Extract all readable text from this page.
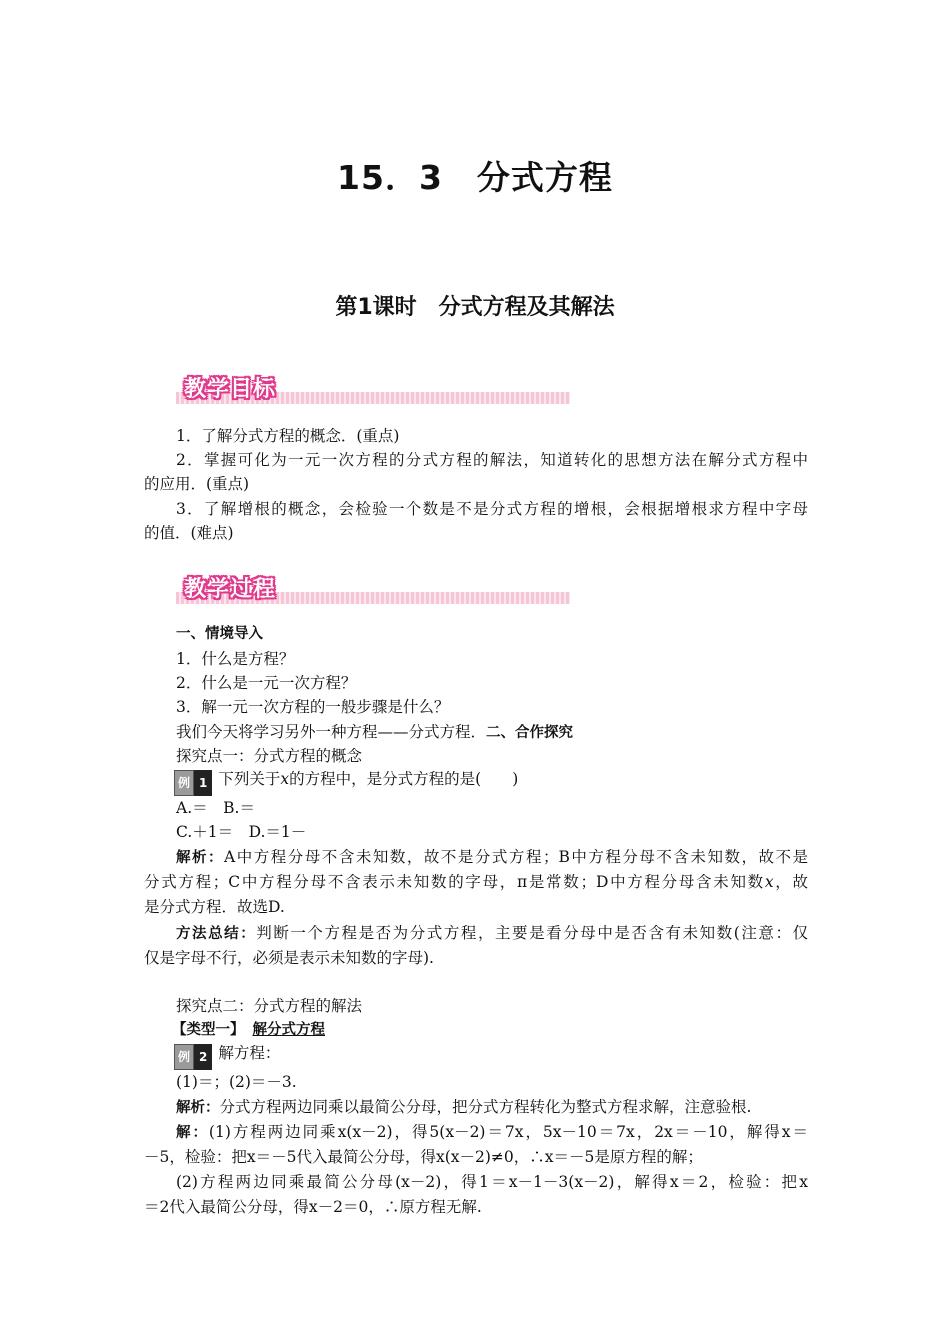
15．3　分式方程
第1课时　分式方程及其解法
教学目标
1．了解分式方程的概念．(重点)
2．掌握可化为一元一次方程的分式方程的解法，知道转化的思想方法在解分式方程中
的应用．(重点)
3．了解增根的概念，会检验一个数是不是分式方程的增根，会根据增根求方程中字母
的值．(难点)
教学过程
一、情境导入
1．什么是方程？
2．什么是一元一次方程？
3．解一元一次方程的一般步骤是什么？
我们今天将学习另外一种方程——分式方程．二、合作探究
探究点一：分式方程的概念
例 1 下列关于x的方程中，是分式方程的是(　　)
A.＝　B.＝
C.＋1＝　D.＝1－
解析：A中方程分母不含未知数，故不是分式方程；B中方程分母不含未知数，故不是
分式方程；C中方程分母不含表示未知数的字母，π是常数；D中方程分母含未知数x，故
是分式方程．故选D.
方法总结：判断一个方程是否为分式方程，主要是看分母中是否含有未知数(注意：仅
仅是字母不行，必须是表示未知数的字母).
探究点二：分式方程的解法
【类型一】 解分式方程
例 2 解方程：
(1)＝；(2)＝－3.
解析：分式方程两边同乘以最简公分母，把分式方程转化为整式方程求解，注意验根.
解：(1)方程两边同乘x(x－2)，得5(x－2)＝7x，5x－10＝7x，2x＝－10，解得x＝
－5，检验：把x＝－5代入最简公分母，得x(x－2)≠0，∴x＝－5是原方程的解；
(2)方程两边同乘最简公分母(x－2)，得1＝x－1－3(x－2)，解得x＝2，检验：把x
＝2代入最简公分母，得x－2＝0，∴原方程无解.
